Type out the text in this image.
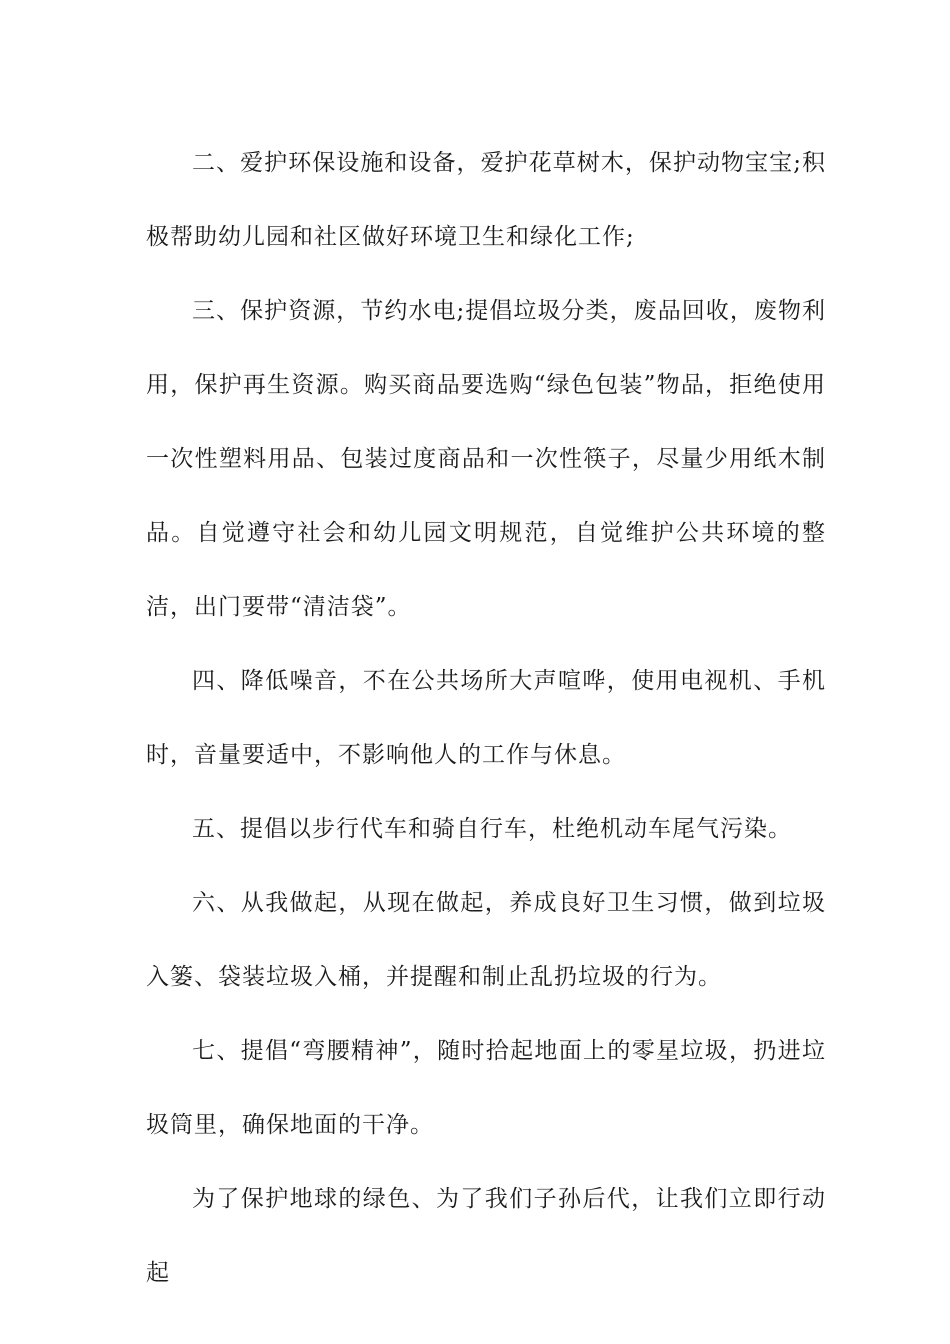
二、爱护环保设施和设备，爱护花草树木，保护动物宝宝;积极帮助幼儿园和社区做好环境卫生和绿化工作;

三、保护资源，节约水电;提倡垃圾分类，废品回收，废物利用，保护再生资源。购买商品要选购“绿色包装”物品，拒绝使用一次性塑料用品、包装过度商品和一次性筷子，尽量少用纸木制品。自觉遵守社会和幼儿园文明规范，自觉维护公共环境的整洁，出门要带“清洁袋”。

四、降低噪音，不在公共场所大声喧哗，使用电视机、手机时，音量要适中，不影响他人的工作与休息。

五、提倡以步行代车和骑自行车，杜绝机动车尾气污染。

六、从我做起，从现在做起，养成良好卫生习惯，做到垃圾入篓、袋装垃圾入桶，并提醒和制止乱扔垃圾的行为。

七、提倡“弯腰精神”，随时拾起地面上的零星垃圾，扔进垃圾筒里，确保地面的干净。

为了保护地球的绿色、为了我们子孙后代，让我们立即行动起
